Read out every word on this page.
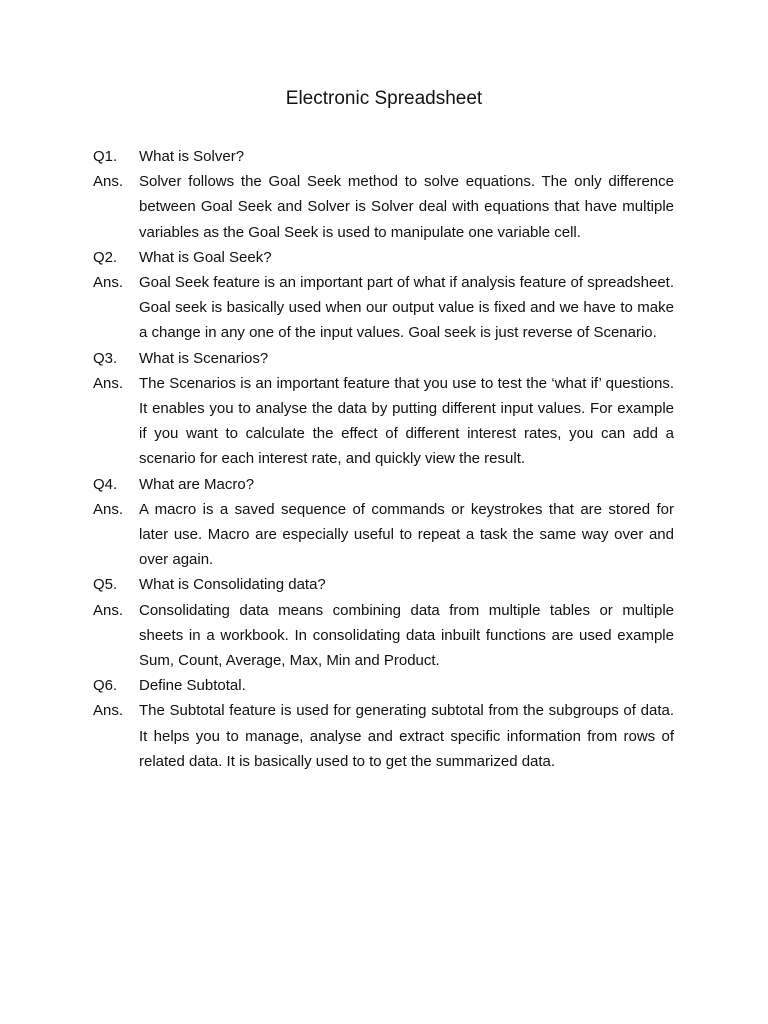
Electronic Spreadsheet
Q1.	What is Solver?
Ans.	Solver follows the Goal Seek method to solve equations. The only difference between Goal Seek and Solver is Solver deal with equations that have multiple variables as the Goal Seek is used to manipulate one variable cell.
Q2.	What is Goal Seek?
Ans.	Goal Seek feature is an important part of what if analysis feature of spreadsheet. Goal seek is basically used when our output value is fixed and we have to make a change in any one of the input values. Goal seek is just reverse of Scenario.
Q3.	What is Scenarios?
Ans.	The Scenarios is an important feature that you use to test the ‘what if’ questions. It enables you to analyse the data by putting different input values. For example if you want to calculate the effect of different interest rates, you can add a scenario for each interest rate, and quickly view the result.
Q4.	What are Macro?
Ans.	A macro is a saved sequence of commands or keystrokes that are stored for later use. Macro are especially useful to repeat a task the same way over and over again.
Q5.	What is Consolidating data?
Ans.	Consolidating data means combining data from multiple tables or multiple sheets in a workbook. In consolidating data inbuilt functions are used example Sum, Count, Average, Max, Min and Product.
Q6.	Define Subtotal.
Ans.	The Subtotal feature is used for generating subtotal from the subgroups of data. It helps you to manage, analyse and extract specific information from rows of related data. It is basically used to to get the summarized data.
